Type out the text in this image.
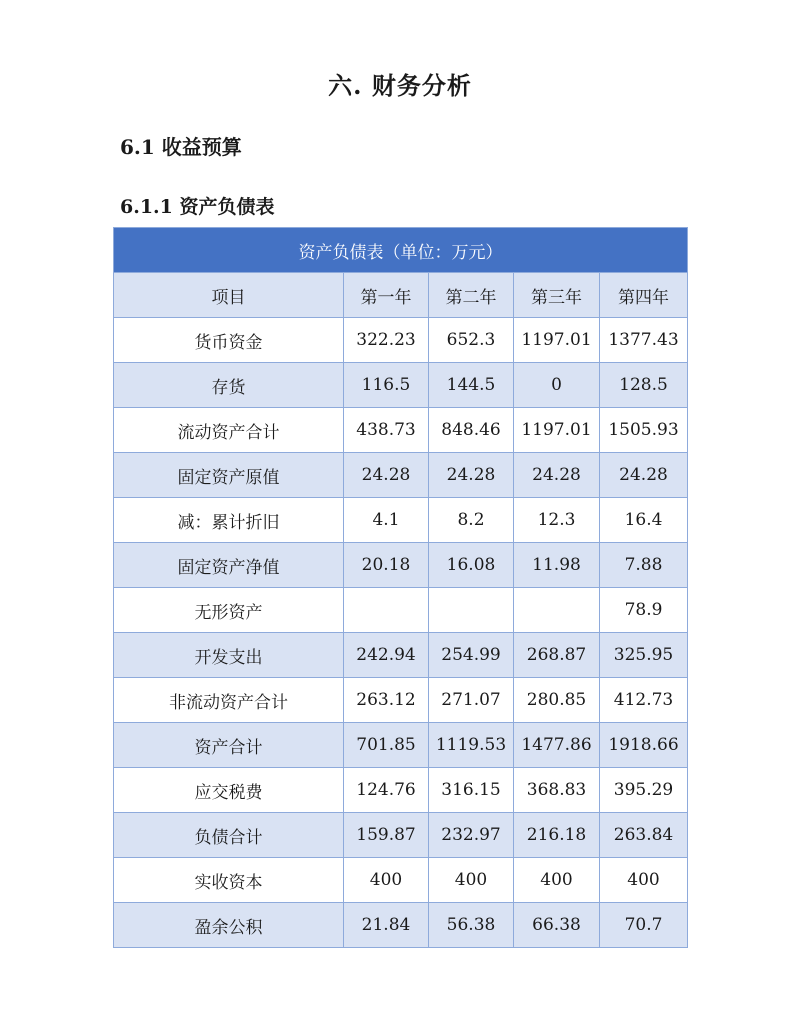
六. 财务分析
6.1 收益预算
6.1.1 资产负债表
资产负债表（单位：万元）				
项目	第一年	第二年	第三年	第四年
货币资金	322.23	652.3	1197.01	1377.43
存货	116.5	144.5	0	128.5
流动资产合计	438.73	848.46	1197.01	1505.93
固定资产原值	24.28	24.28	24.28	24.28
减：累计折旧	4.1	8.2	12.3	16.4
固定资产净值	20.18	16.08	11.98	7.88
无形资产				78.9
开发支出	242.94	254.99	268.87	325.95
非流动资产合计	263.12	271.07	280.85	412.73
资产合计	701.85	1119.53	1477.86	1918.66
应交税费	124.76	316.15	368.83	395.29
负债合计	159.87	232.97	216.18	263.84
实收资本	400	400	400	400
盈余公积	21.84	56.38	66.38	70.7
